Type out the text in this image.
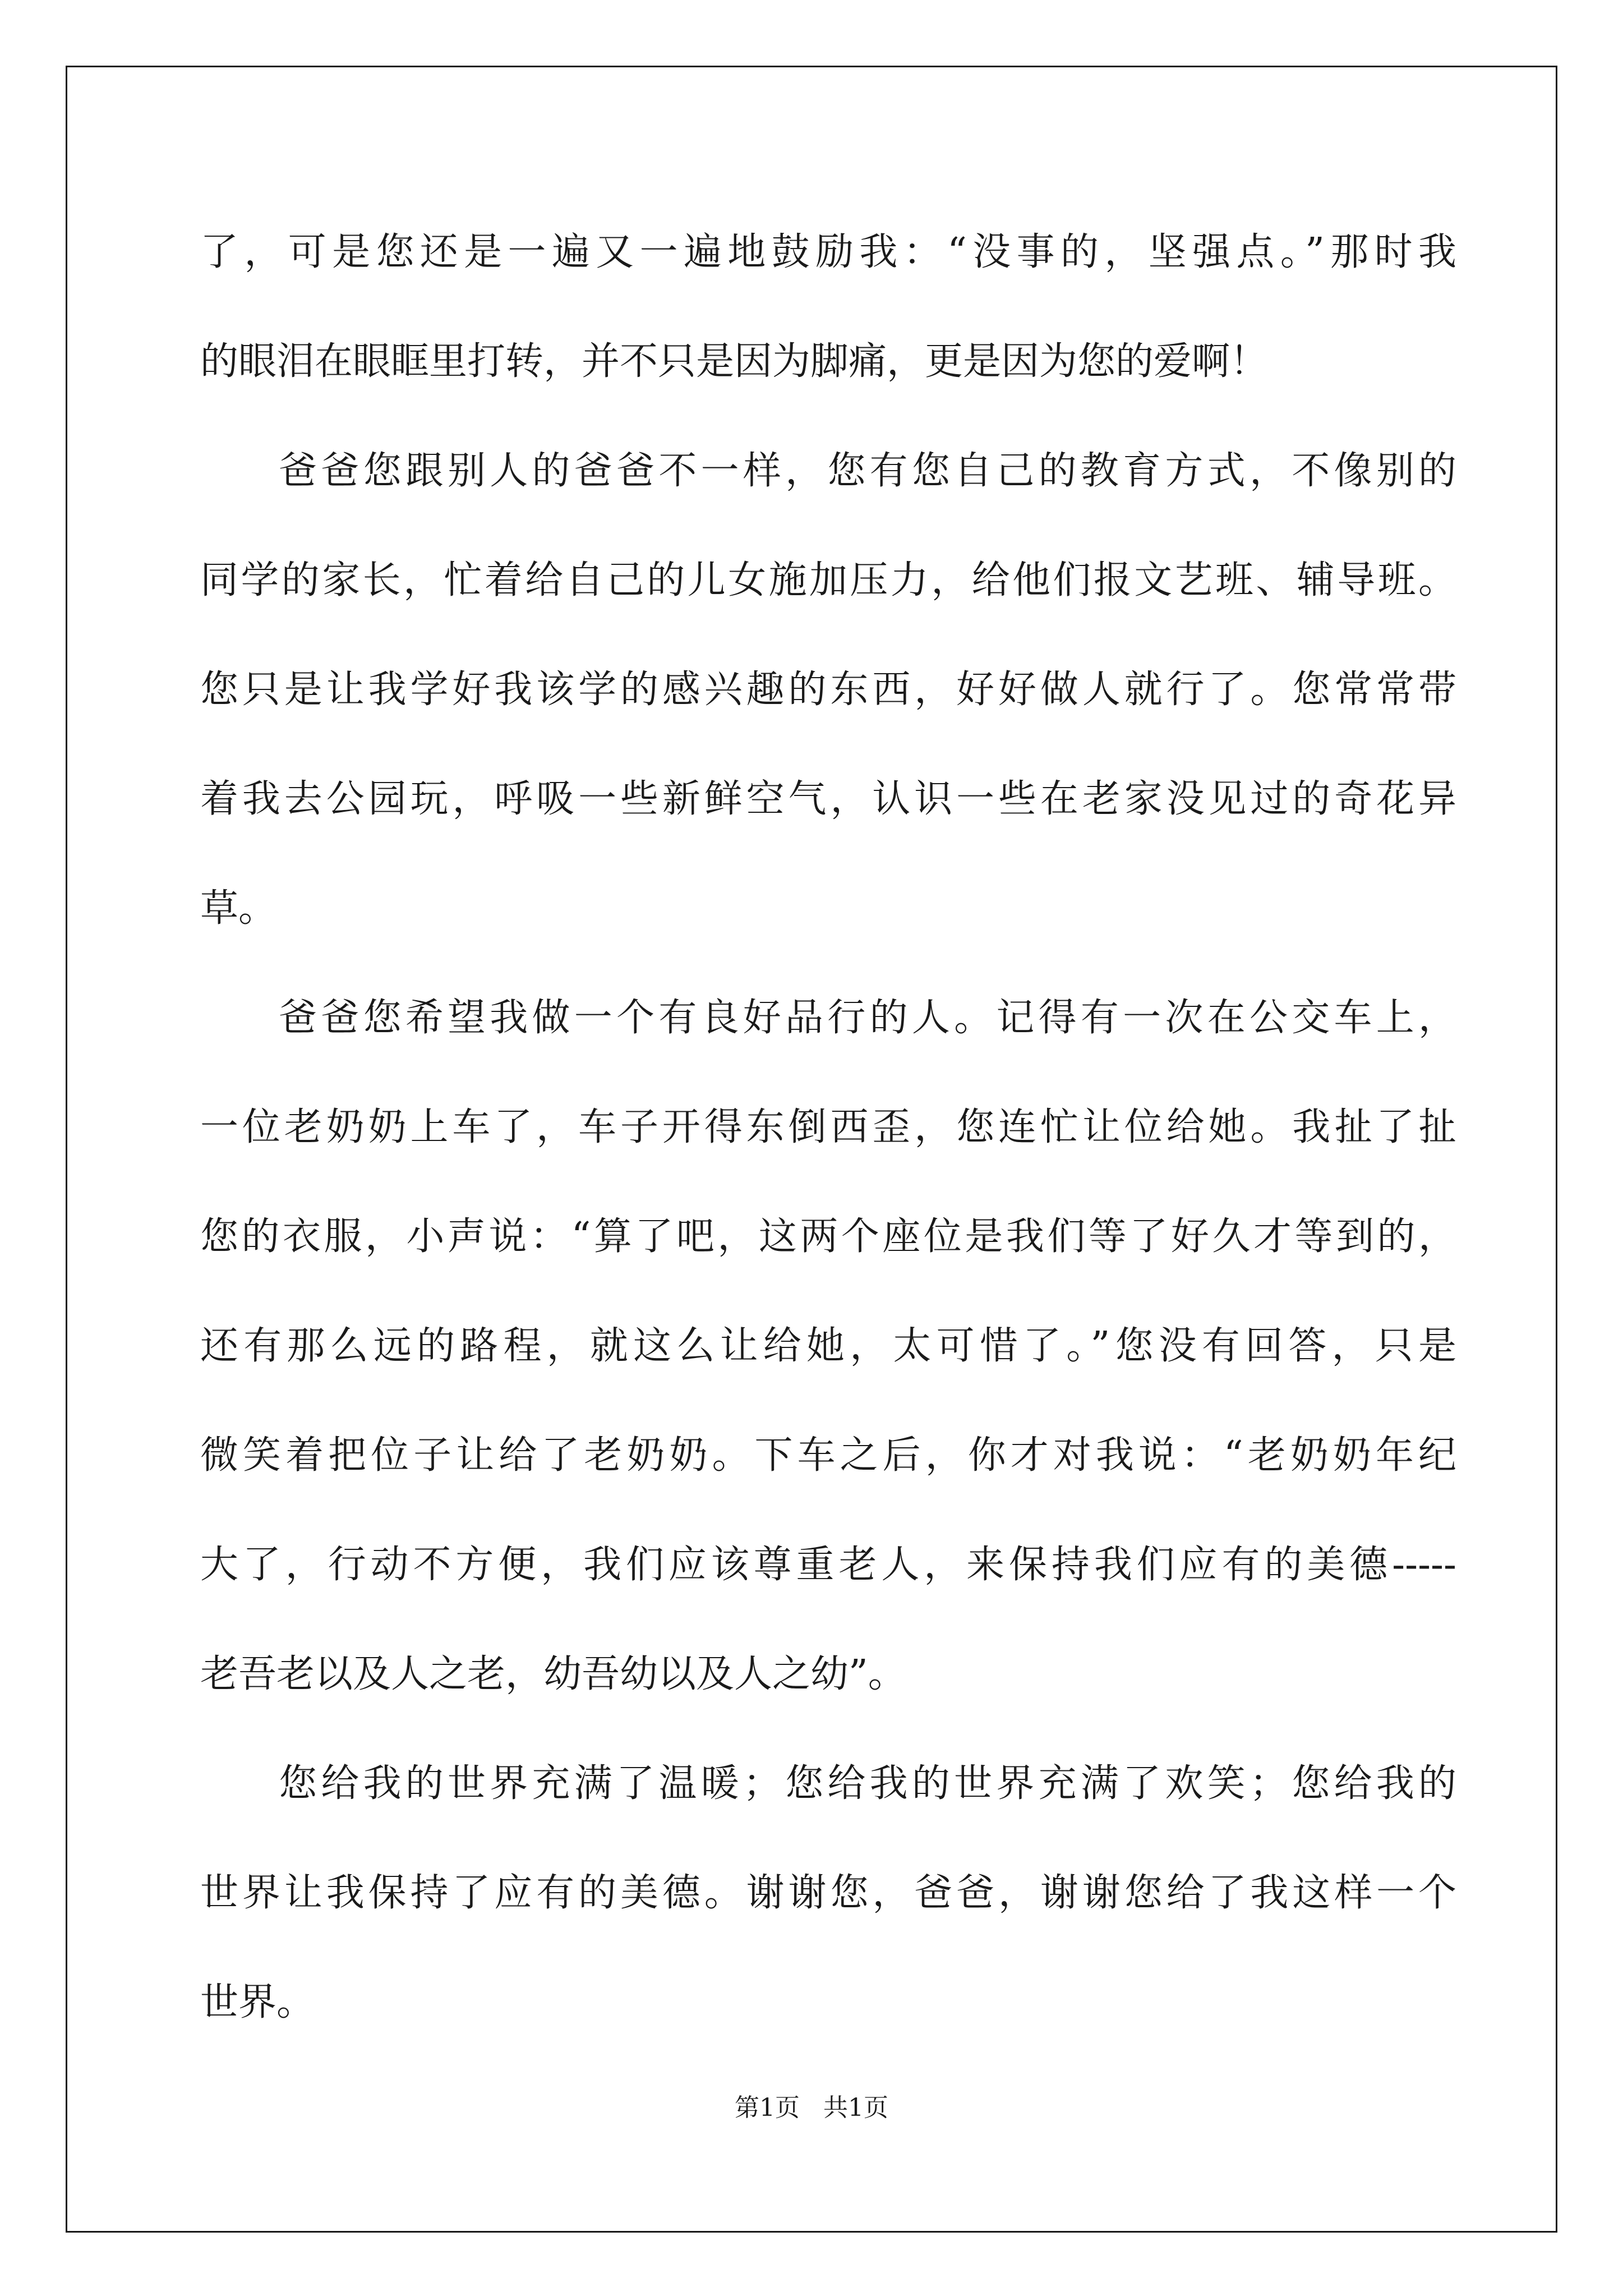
了，可是您还是一遍又一遍地鼓励我：“没事的，坚强点。”那时我
的眼泪在眼眶里打转，并不只是因为脚痛，更是因为您的爱啊！
爸爸您跟别人的爸爸不一样，您有您自己的教育方式，不像别的
同学的家长，忙着给自己的儿女施加压力，给他们报文艺班、辅导班。
您只是让我学好我该学的感兴趣的东西，好好做人就行了。您常常带
着我去公园玩，呼吸一些新鲜空气，认识一些在老家没见过的奇花异
草。
爸爸您希望我做一个有良好品行的人。记得有一次在公交车上，
一位老奶奶上车了，车子开得东倒西歪，您连忙让位给她。我扯了扯
您的衣服，小声说：“算了吧，这两个座位是我们等了好久才等到的，
还有那么远的路程，就这么让给她，太可惜了。”您没有回答，只是
微笑着把位子让给了老奶奶。下车之后，你才对我说：“老奶奶年纪
大了，行动不方便，我们应该尊重老人，来保持我们应有的美德-----
老吾老以及人之老，幼吾幼以及人之幼”。
您给我的世界充满了温暖；您给我的世界充满了欢笑；您给我的
世界让我保持了应有的美德。谢谢您，爸爸，谢谢您给了我这样一个
世界。
第1页 共1页
